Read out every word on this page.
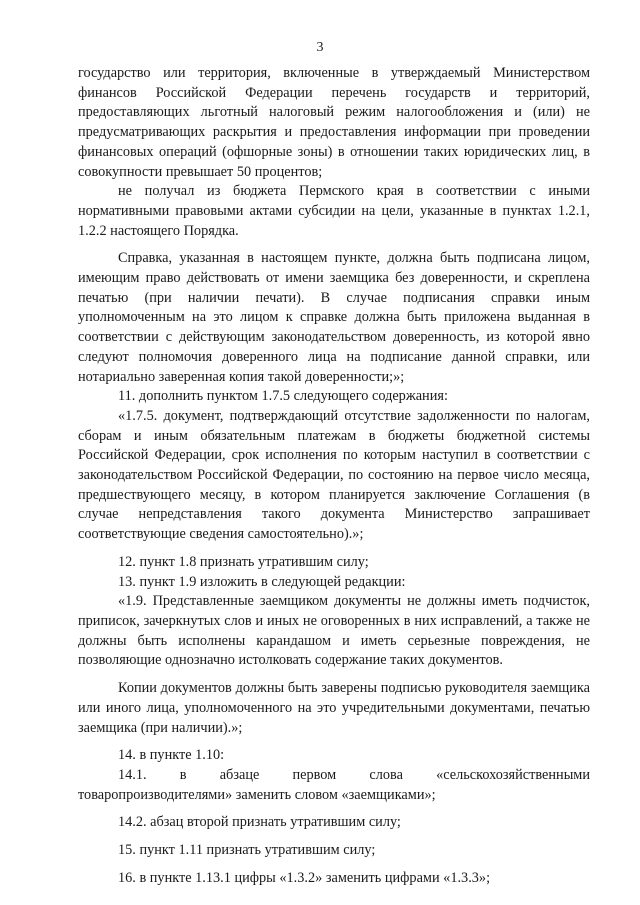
3

государство или территория, включенные в утверждаемый Министерством финансов Российской Федерации перечень государств и территорий, предоставляющих льготный налоговый режим налогообложения и (или) не предусматривающих раскрытия и предоставления информации при проведении финансовых операций (офшорные зоны) в отношении таких юридических лиц, в совокупности превышает 50 процентов;

не получал из бюджета Пермского края в соответствии с иными нормативными правовыми актами субсидии на цели, указанные в пунктах 1.2.1, 1.2.2 настоящего Порядка.

Справка, указанная в настоящем пункте, должна быть подписана лицом, имеющим право действовать от имени заемщика без доверенности, и скреплена печатью (при наличии печати). В случае подписания справки иным уполномоченным на это лицом к справке должна быть приложена выданная в соответствии с действующим законодательством доверенность, из которой явно следуют полномочия доверенного лица на подписание данной справки, или нотариально заверенная копия такой доверенности;»;

11. дополнить пунктом 1.7.5 следующего содержания:

«1.7.5. документ, подтверждающий отсутствие задолженности по налогам, сборам и иным обязательным платежам в бюджеты бюджетной системы Российской Федерации, срок исполнения по которым наступил в соответствии с законодательством Российской Федерации, по состоянию на первое число месяца, предшествующего месяцу, в котором планируется заключение Соглашения (в случае непредставления такого документа Министерство запрашивает соответствующие сведения самостоятельно).»;

12. пункт 1.8 признать утратившим силу;

13. пункт 1.9 изложить в следующей редакции:

«1.9. Представленные заемщиком документы не должны иметь подчисток, приписок, зачеркнутых слов и иных не оговоренных в них исправлений, а также не должны быть исполнены карандашом и иметь серьезные повреждения, не позволяющие однозначно истолковать содержание таких документов.

Копии документов должны быть заверены подписью руководителя заемщика или иного лица, уполномоченного на это учредительными документами, печатью заемщика (при наличии).»;

14. в пункте 1.10:

14.1. в абзаце первом слова «сельскохозяйственными товаропроизводителями» заменить словом «заемщиками»;

14.2. абзац второй признать утратившим силу;

15. пункт 1.11 признать утратившим силу;

16. в пункте 1.13.1 цифры «1.3.2» заменить цифрами «1.3.3»;
